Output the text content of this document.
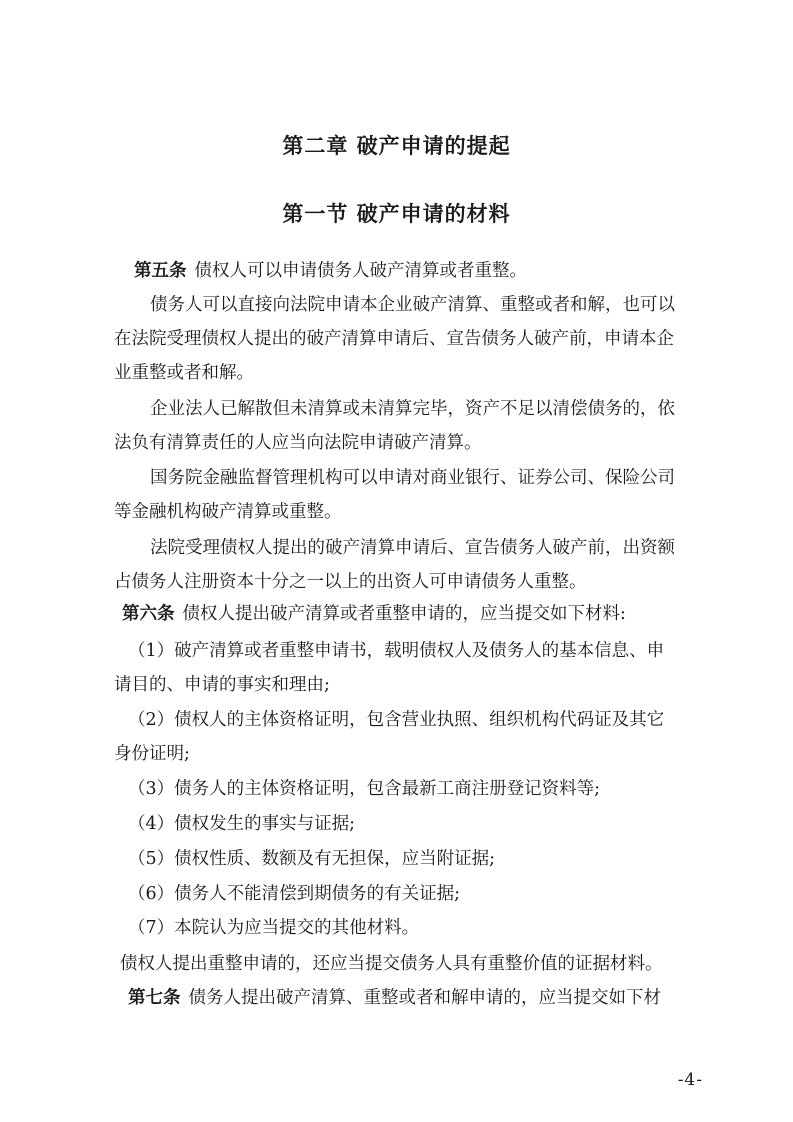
第二章 破产申请的提起
第一节 破产申请的材料

第五条 债权人可以申请债务人破产清算或者重整。

债务人可以直接向法院申请本企业破产清算、重整或者和解，也可以

在法院受理债权人提出的破产清算申请后、宣告债务人破产前，申请本企

业重整或者和解。

企业法人已解散但未清算或未清算完毕，资产不足以清偿债务的，依

法负有清算责任的人应当向法院申请破产清算。

国务院金融监督管理机构可以申请对商业银行、证券公司、保险公司

等金融机构破产清算或重整。

法院受理债权人提出的破产清算申请后、宣告债务人破产前，出资额

占债务人注册资本十分之一以上的出资人可申请债务人重整。

第六条 债权人提出破产清算或者重整申请的，应当提交如下材料:

（1）破产清算或者重整申请书，载明债权人及债务人的基本信息、申

请目的、申请的事实和理由;

（2）债权人的主体资格证明，包含营业执照、组织机构代码证及其它

身份证明;

（3）债务人的主体资格证明，包含最新工商注册登记资料等;

（4）债权发生的事实与证据;

（5）债权性质、数额及有无担保，应当附证据;

（6）债务人不能清偿到期债务的有关证据;

（7）本院认为应当提交的其他材料。

债权人提出重整申请的，还应当提交债务人具有重整价值的证据材料。

第七条 债务人提出破产清算、重整或者和解申请的，应当提交如下材

-4-
